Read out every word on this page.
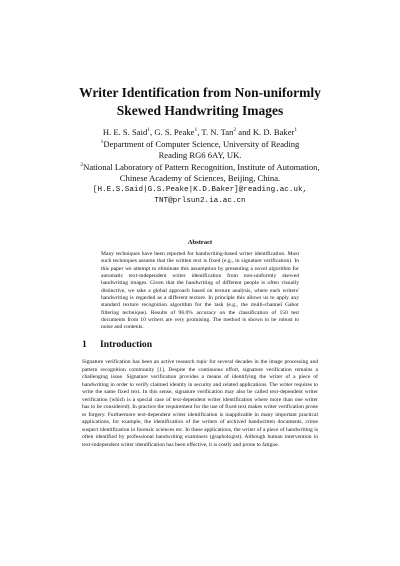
Writer Identification from Non-uniformly
Skewed Handwriting Images
H. E. S. Said$^1$, G. S. Peake$^1$, T. N. Tan$^2$ and K. D. Baker$^1$
$^1$Department of Computer Science, University of Reading
Reading RG6 6AY, UK.
$^2$National Laboratory of Pattern Recognition, Institute of Automation,
Chinese Academy of Sciences, Beijing, China.
[H.E.S.Said|G.S.Peake|K.D.Baker]@reading.ac.uk,
TNT@prlsun2.ia.ac.cn
Abstract

Many techniques have been reported for handwriting-based writer identification. Most such techniques assume that the written text is fixed (e.g., in signature verification). In this paper we attempt to eliminate this assumption by presenting a novel algorithm for automatic text-independent writer identification from non-uniformly skewed handwriting images. Given that the handwriting of different people is often visually distinctive, we take a global approach based on texture analysis, where each writers' handwriting is regarded as a different texture. In principle this allows us to apply any standard texture recognition algorithm for the task (e.g., the multi-channel Gabor filtering technique). Results of 96.0% accuracy on the classification of 150 test documents from 10 writers are very promising. The method is shown to be robust to noise and contents.

1 Introduction

Signature verification has been an active research topic for several decades in the image processing and pattern recognition community [1]. Despite the continuous effort, signature verification remains a challenging issue. Signature verification provides a means of identifying the writer of a piece of handwriting in order to verify claimed identity in security and related applications. The writer requires to write the same fixed text. In this sense, signature verification may also be called text-dependent writer verification (which is a special case of text-dependent writer identification where more than one writer has to be considered). In practice the requirement for the use of fixed text makes writer verification prone to forgery. Furthermore text-dependent writer identification is inapplicable in many important practical applications, for example, the identification of the writers of archived handwritten documents, crime suspect identification in forensic sciences etc. In these applications, the writer of a piece of handwriting is often identified by professional handwriting examiners (graphologist). Although human intervention in text-independent writer identification has been effective, it is costly and prone to fatigue.
